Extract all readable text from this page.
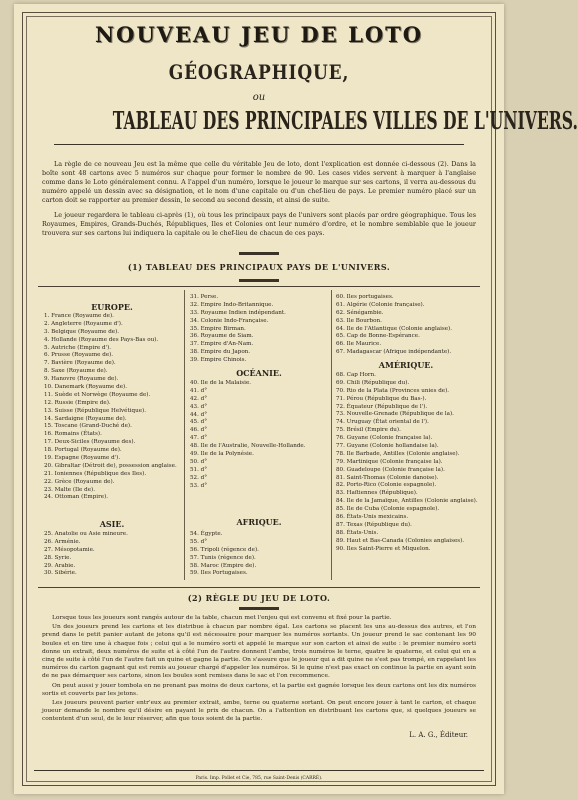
NOUVEAU JEU DE LOTO
GÉOGRAPHIQUE,
ou
TABLEAU DES PRINCIPALES VILLES DE L'UNIVERS.
La règle de ce nouveau Jeu est la même que celle du véritable Jeu de loto, dont l'explication est donnée ci-dessous (2). Dans la boîte sont 48 cartons avec 5 numéros sur chaque pour former le nombre de 90. Les cases vides servent à marquer à l'anglaise comme dans le Loto généralement connu. A l'appel d'un numéro, lorsque le joueur le marque sur ses cartons, il verra au-dessous du numéro appelé un dessin avec sa désignation, et le nom d'une capitale ou d'un chef-lieu de pays. Le premier numéro placé sur un carton doit se rapporter au premier dessin, le second au second dessin, et ainsi de suite.
Le joueur regardera le tableau ci-après (1), où tous les principaux pays de l'univers sont placés par ordre géographique. Tous les Royaumes, Empires, Grands-Duchés, Républiques, Iles et Colonies ont leur numéro d'ordre, et le nombre semblable que le joueur trouvera sur ses cartons lui indiquera la capitale ou le chef-lieu de chacun de ces pays.
(1) TABLEAU DES PRINCIPAUX PAYS DE L'UNIVERS.
EUROPE.
1. France (Royaume de).
2. Angleterre (Royaume d').
3. Belgique (Royaume de).
4. Hollande (Royaume des Pays-Bas ou).
5. Autriche (Empire d').
6. Prusse (Royaume de).
7. Bavière (Royaume de).
8. Saxe (Royaume de).
9. Hanovre (Royaume de).
10. Danemark (Royaume de).
11. Suède et Norwège (Royaume de).
12. Russie (Empire de).
13. Suisse (République Helvétique).
14. Sardaigne (Royaume de).
15. Toscane (Grand-Duché de).
16. Romains (États).
17. Deux-Siciles (Royaume des).
18. Portugal (Royaume de).
19. Espagne (Royaume d').
20. Gibraltar (Détroit de), possession anglaise.
21. Ioniennes (République des Iles).
22. Grèce (Royaume de).
23. Malte (Ile de).
24. Ottoman (Empire).
ASIE.
25. Anatolie ou Asie mineure.
26. Arménie.
27. Mésopotamie.
28. Syrie.
29. Arabie.
30. Sibérie.
31. Perse.
32. Empire Indo-Britannique.
33. Royaume Indien indépendant.
34. Colonie Indo-Française.
35. Empire Birman.
36. Royaume de Siam.
37. Empire d'An-Nam.
38. Empire du Japon.
39. Empire Chinois.
OCÉANIE.
40. Ile de la Malaisie.
41. d°
42. d°
43. d°
44. d°
45. d°
46. d°
47. d°
48. Ile de l'Australie, Nouvelle-Hollande.
49. Ile de la Polynésie.
50. d°
51. d°
52. d°
53. d°
AFRIQUE.
54. Égypte.
55. d°
56. Tripoli (régence de).
57. Tunis (régence de).
58. Maroc (Empire de).
59. Iles Portugaises.
60. Iles portugaises.
61. Algérie (Colonie française).
62. Sénégambie.
63. Ile Bourbon.
64. Ile de l'Atlantique (Colonie anglaise).
65. Cap de Bonne-Espérance.
66. Ile Maurice.
67. Madagascar (Afrique indépendante).
AMÉRIQUE.
68. Cap Horn.
69. Chili (République du).
70. Rio de la Plata (Provinces unies de).
71. Pérou (République du Bas-).
72. Équateur (République de l').
73. Nouvelle-Grenade (République de la).
74. Uruguay (État oriental de l').
75. Brésil (Empire du).
76. Guyane (Colonie française la).
77. Guyane (Colonie hollandaise la).
78. Ile Barbade, Antilles (Colonie anglaise).
79. Martinique (Colonie française la).
80. Guadeloupe (Colonie française la).
81. Saint-Thomas (Colonie danoise).
82. Porto-Rico (Colonie espagnole).
83. Haïtiennes (République).
84. Ile de la Jamaïque, Antilles (Colonie anglaise).
85. Ile de Cuba (Colonie espagnole).
86. États-Unis mexicains.
87. Texas (République du).
88. États-Unis.
89. Haut et Bas-Canada (Colonies anglaises).
90. Iles Saint-Pierre et Miquelon.
(2) RÈGLE DU JEU DE LOTO.

Lorsque tous les joueurs sont rangés autour de la table, chacun met l'enjeu qui est convenu et fixé pour la partie.

Un des joueurs prend les cartons et les distribue à chacun par nombre égal. Les cartons se placent les uns au-dessus des autres, et l'on prend dans le petit panier autant de jetons qu'il est nécessaire pour marquer les numéros sortants. Un joueur prend le sac contenant les 90 boules et en tire une à chaque fois ; celui qui a le numéro sorti et appelé le marque sur son carton et ainsi de suite : le premier numéro sorti donne un extrait, deux numéros de suite et à côté l'un de l'autre donnent l'ambe, trois numéros le terne, quatre le quaterne, et celui qui en a cinq de suite à côté l'un de l'autre fait un quine et gagne la partie. On s'assure que le joueur qui a dit quine ne s'est pas trompé, en rappelant les numéros du carton gagnant qui est remis au joueur chargé d'appeler les numéros. Si le quine n'est pas exact on continue la partie en ayant soin de ne pas démarquer ses cartons, sinon les boules sont remises dans le sac et l'on recommence.

On peut aussi y jouer tombola en ne prenant pas moins de deux cartons, et la partie est gagnée lorsque les deux cartons ont les dix numéros sortis et couverts par les jetons.

Les joueurs peuvent parier entr'eux au premier extrait, ambe, terne ou quaterne sortant. On peut encore jouer à tant le carton, et chaque joueur demande le nombre qu'il désire en payant le prix de chacun. On a l'attention en distribuant les cartons que, si quelques joueurs se contentent d'un seul, de le leur réserver, afin que tous soient de la partie.

L. A. G., Éditeur.
Paris. Imp. Pollet et Cie, 785, rue Saint-Denis (CARRÉ).
